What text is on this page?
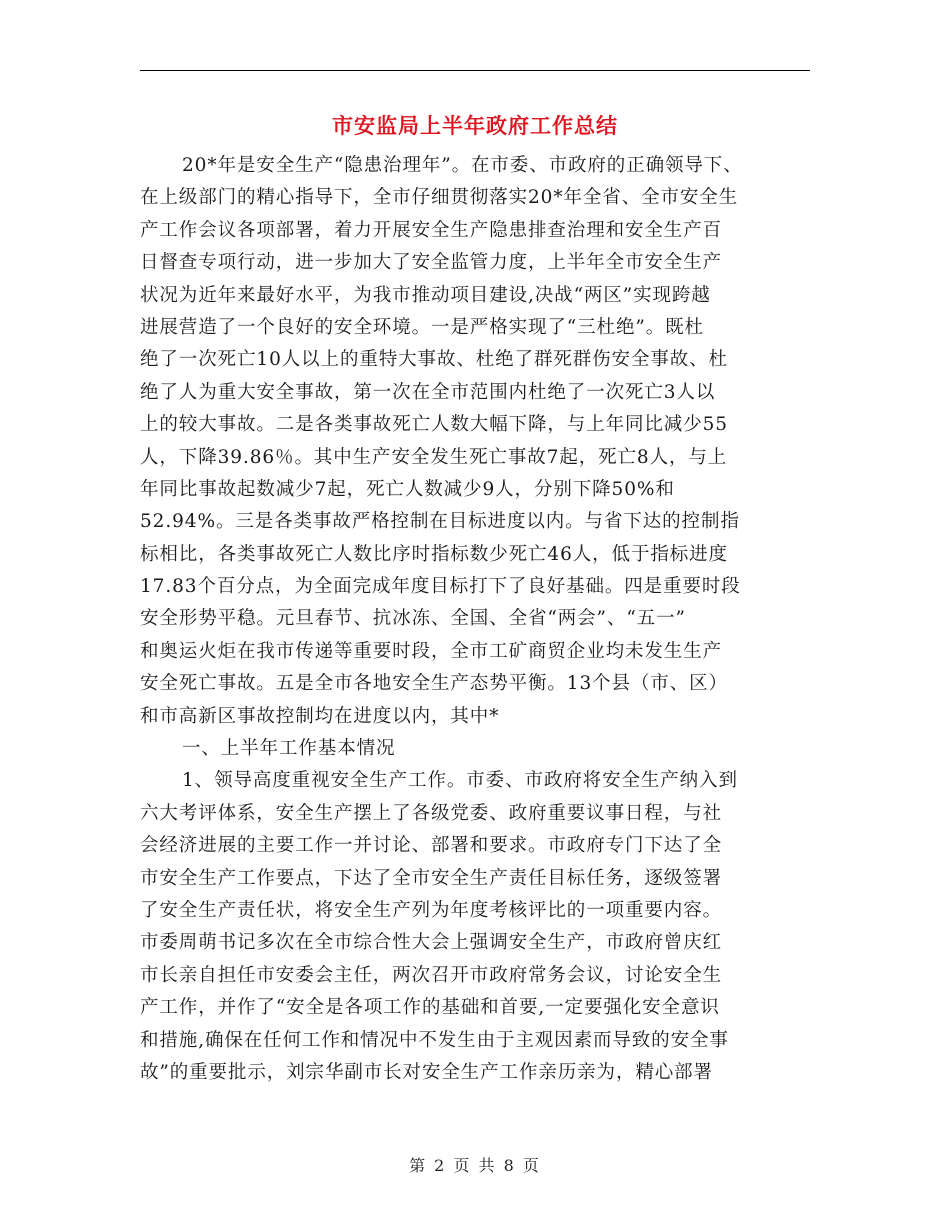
市安监局上半年政府工作总结
20*年是安全生产“隐患治理年”。在市委、市政府的正确领导下、
在上级部门的精心指导下，全市仔细贯彻落实20*年全省、全市安全生
产工作会议各项部署，着力开展安全生产隐患排查治理和安全生产百
日督查专项行动，进一步加大了安全监管力度，上半年全市安全生产
状况为近年来最好水平，为我市推动项目建设,决战“两区”实现跨越
进展营造了一个良好的安全环境。一是严格实现了“三杜绝”。既杜
绝了一次死亡10人以上的重特大事故、杜绝了群死群伤安全事故、杜
绝了人为重大安全事故，第一次在全市范围内杜绝了一次死亡3人以
上的较大事故。二是各类事故死亡人数大幅下降，与上年同比减少55
人，下降39.86％。其中生产安全发生死亡事故7起，死亡8人，与上
年同比事故起数减少7起，死亡人数减少9人，分别下降50%和
52.94%。三是各类事故严格控制在目标进度以内。与省下达的控制指
标相比，各类事故死亡人数比序时指标数少死亡46人，低于指标进度
17.83个百分点，为全面完成年度目标打下了良好基础。四是重要时段
安全形势平稳。元旦春节、抗冰冻、全国、全省“两会”、“五一”
和奥运火炬在我市传递等重要时段，全市工矿商贸企业均未发生生产
安全死亡事故。五是全市各地安全生产态势平衡。13个县（市、区）
和市高新区事故控制均在进度以内，其中*
一、上半年工作基本情况
1、领导高度重视安全生产工作。市委、市政府将安全生产纳入到
六大考评体系，安全生产摆上了各级党委、政府重要议事日程，与社
会经济进展的主要工作一并讨论、部署和要求。市政府专门下达了全
市安全生产工作要点，下达了全市安全生产责任目标任务，逐级签署
了安全生产责任状，将安全生产列为年度考核评比的一项重要内容。
市委周萌书记多次在全市综合性大会上强调安全生产，市政府曾庆红
市长亲自担任市安委会主任，两次召开市政府常务会议，讨论安全生
产工作，并作了“安全是各项工作的基础和首要,一定要强化安全意识
和措施,确保在任何工作和情况中不发生由于主观因素而导致的安全事
故”的重要批示，刘宗华副市长对安全生产工作亲历亲为，精心部署
第 2 页 共 8 页
